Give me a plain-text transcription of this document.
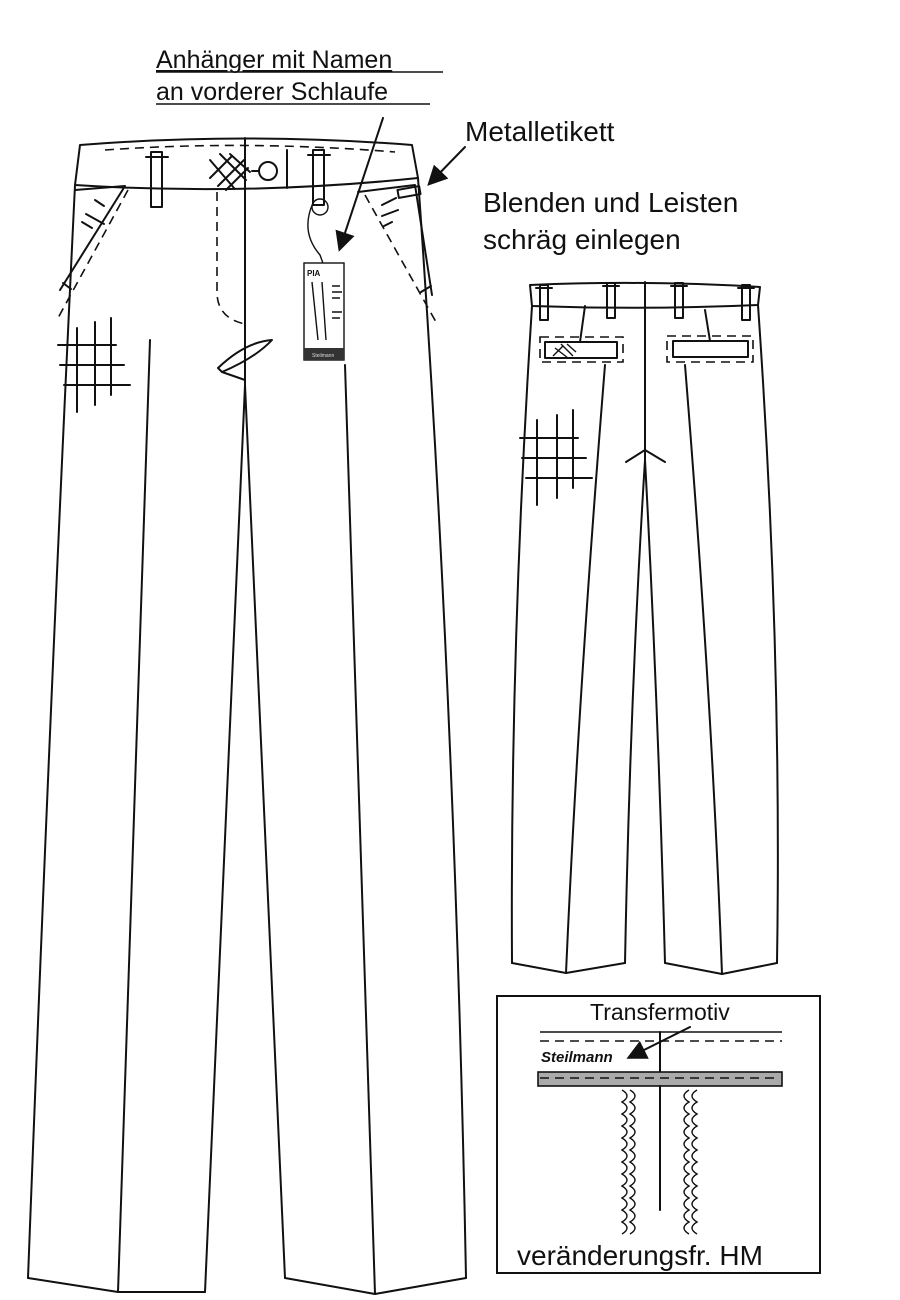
PIA
Steilmann
Anhänger mit Namen
an vorderer Schlaufe
Metalletikett
Blenden und Leisten
schräg einlegen
Transfermotiv
Steilmann
veränderungsfr. HM
